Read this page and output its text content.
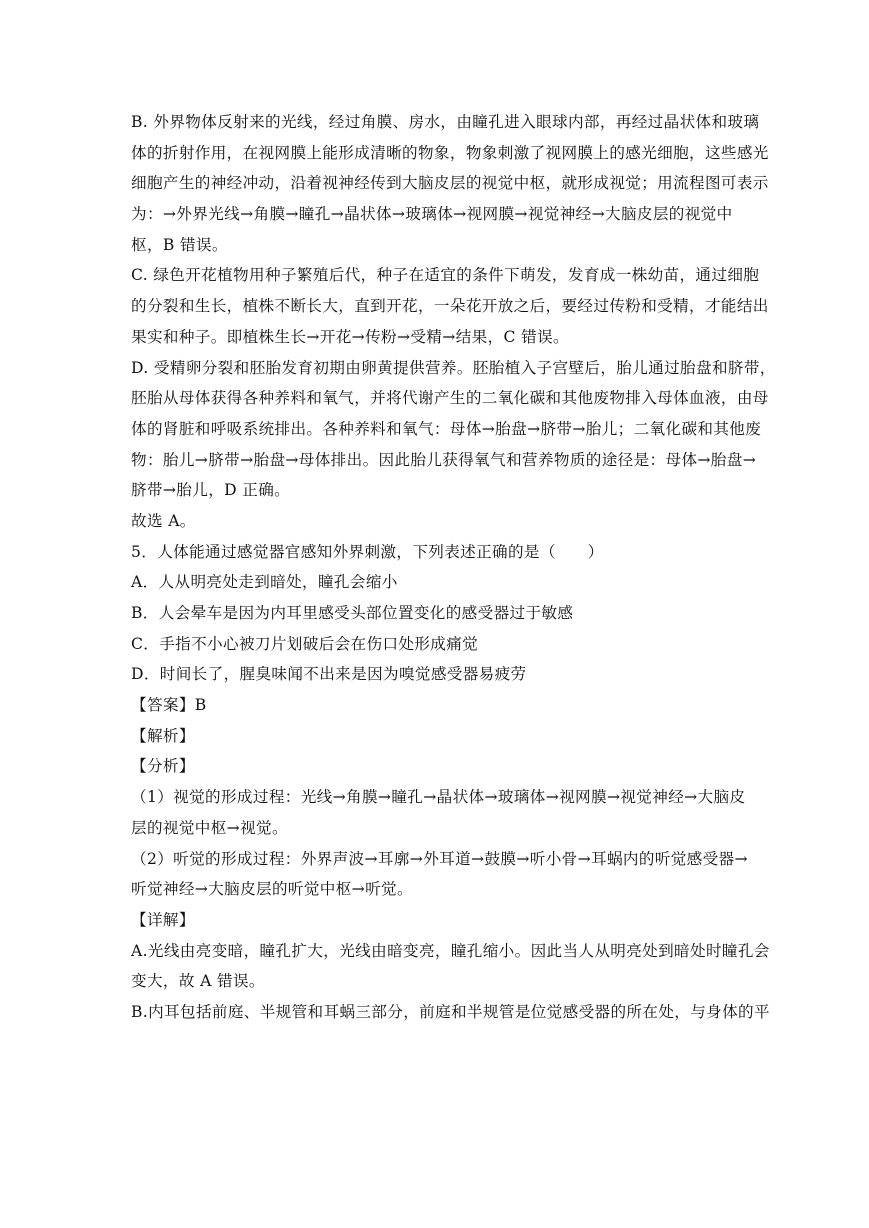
B. 外界物体反射来的光线，经过角膜、房水，由瞳孔进入眼球内部，再经过晶状体和玻璃
体的折射作用，在视网膜上能形成清晰的物象，物象刺激了视网膜上的感光细胞，这些感光
细胞产生的神经冲动，沿着视神经传到大脑皮层的视觉中枢，就形成视觉；用流程图可表示
为：→外界光线→角膜→瞳孔→晶状体→玻璃体→视网膜→视觉神经→大脑皮层的视觉中
枢，B 错误。
C. 绿色开花植物用种子繁殖后代，种子在适宜的条件下萌发，发育成一株幼苗，通过细胞
的分裂和生长，植株不断长大，直到开花，一朵花开放之后，要经过传粉和受精，才能结出
果实和种子。即植株生长→开花→传粉→受精→结果，C 错误。
D. 受精卵分裂和胚胎发育初期由卵黄提供营养。胚胎植入子宫壁后，胎儿通过胎盘和脐带，
胚胎从母体获得各种养料和氧气，并将代谢产生的二氧化碳和其他废物排入母体血液，由母
体的肾脏和呼吸系统排出。各种养料和氧气：母体→胎盘→脐带→胎儿；二氧化碳和其他废
物：胎儿→脐带→胎盘→母体排出。因此胎儿获得氧气和营养物质的途径是：母体→胎盘→
脐带→胎儿，D 正确。
故选 A。
5．人体能通过感觉器官感知外界刺激，下列表述正确的是（　　）
A．人从明亮处走到暗处，瞳孔会缩小
B．人会晕车是因为内耳里感受头部位置变化的感受器过于敏感
C．手指不小心被刀片划破后会在伤口处形成痛觉
D．时间长了，腥臭味闻不出来是因为嗅觉感受器易疲劳
【答案】B
【解析】
【分析】
（1）视觉的形成过程：光线→角膜→瞳孔→晶状体→玻璃体→视网膜→视觉神经→大脑皮
层的视觉中枢→视觉。
（2）听觉的形成过程：外界声波→耳廓→外耳道→鼓膜→听小骨→耳蜗内的听觉感受器→
听觉神经→大脑皮层的听觉中枢→听觉。
【详解】
A.光线由亮变暗，瞳孔扩大，光线由暗变亮，瞳孔缩小。因此当人从明亮处到暗处时瞳孔会
变大，故 A 错误。
B.内耳包括前庭、半规管和耳蜗三部分，前庭和半规管是位觉感受器的所在处，与身体的平
